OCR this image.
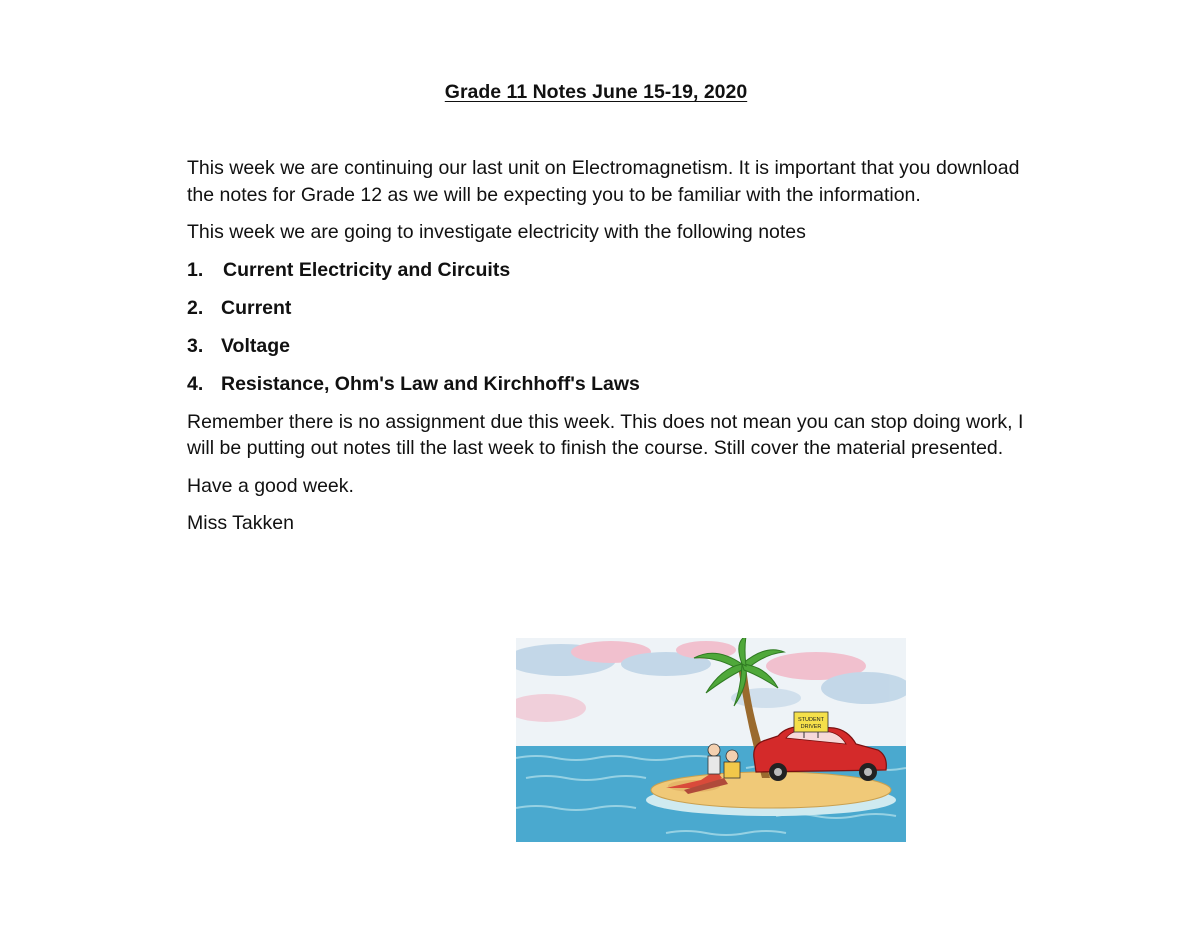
Grade 11 Notes June 15-19, 2020

This week we are continuing our last unit on Electromagnetism. It is important that you download the notes for Grade 12 as we will be expecting you to be familiar with the information.

This week we are going to investigate electricity with the following notes

1.	Current Electricity and Circuits
2. Current
3. Voltage
4. Resistance, Ohm's Law and Kirchhoff's Laws

Remember there is no assignment due this week. This does not mean you can stop doing work, I will be putting out notes till the last week to finish the course. Still cover the material presented.

Have a good week.

Miss Takken

STUDENT
DRIVER
